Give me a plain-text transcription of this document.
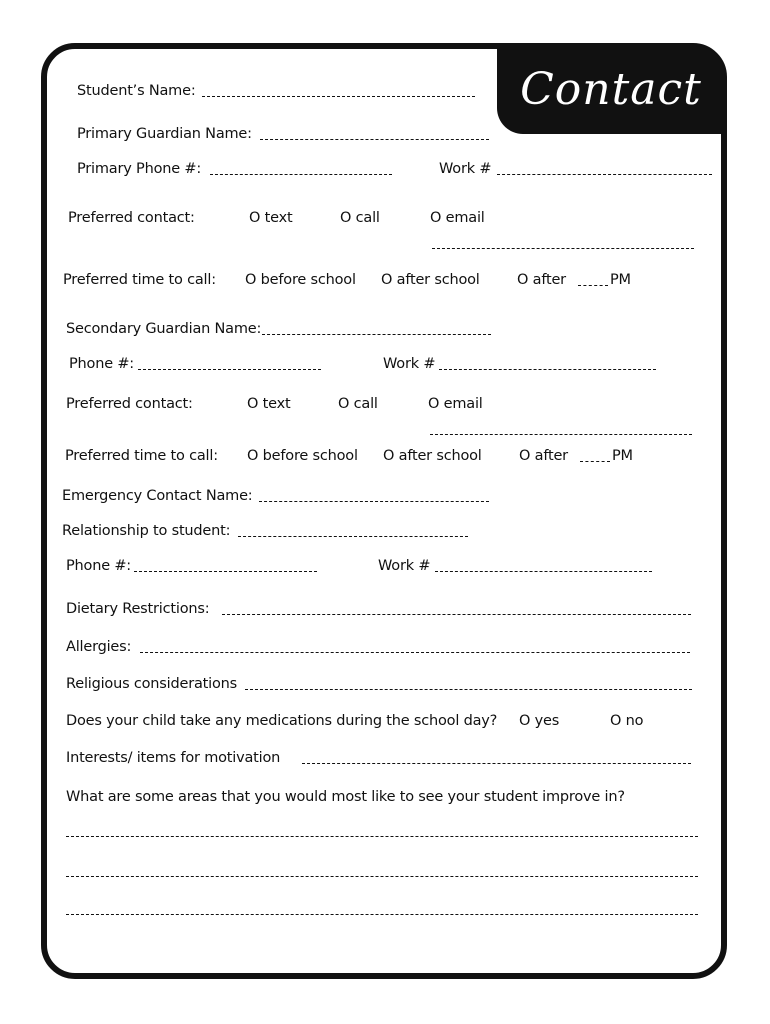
Contact
Student’s Name:
Primary Guardian Name:
Primary Phone #:	Work #
Preferred contact:	O text	O call	O email
Preferred time to call: O before school O after school	O after	PM
Secondary Guardian Name:
Phone #:	Work #
Preferred contact:	O text	O call	O email
Preferred time to call: O before school O after school	O after	PM
Emergency Contact Name:
Relationship to student:
Phone #:	Work #
Dietary Restrictions:
Allergies:
Religious considerations
Does your child take any medications during the school day? O yes	O no
Interests/ items for motivation
What are some areas that you would most like to see your student improve in?
